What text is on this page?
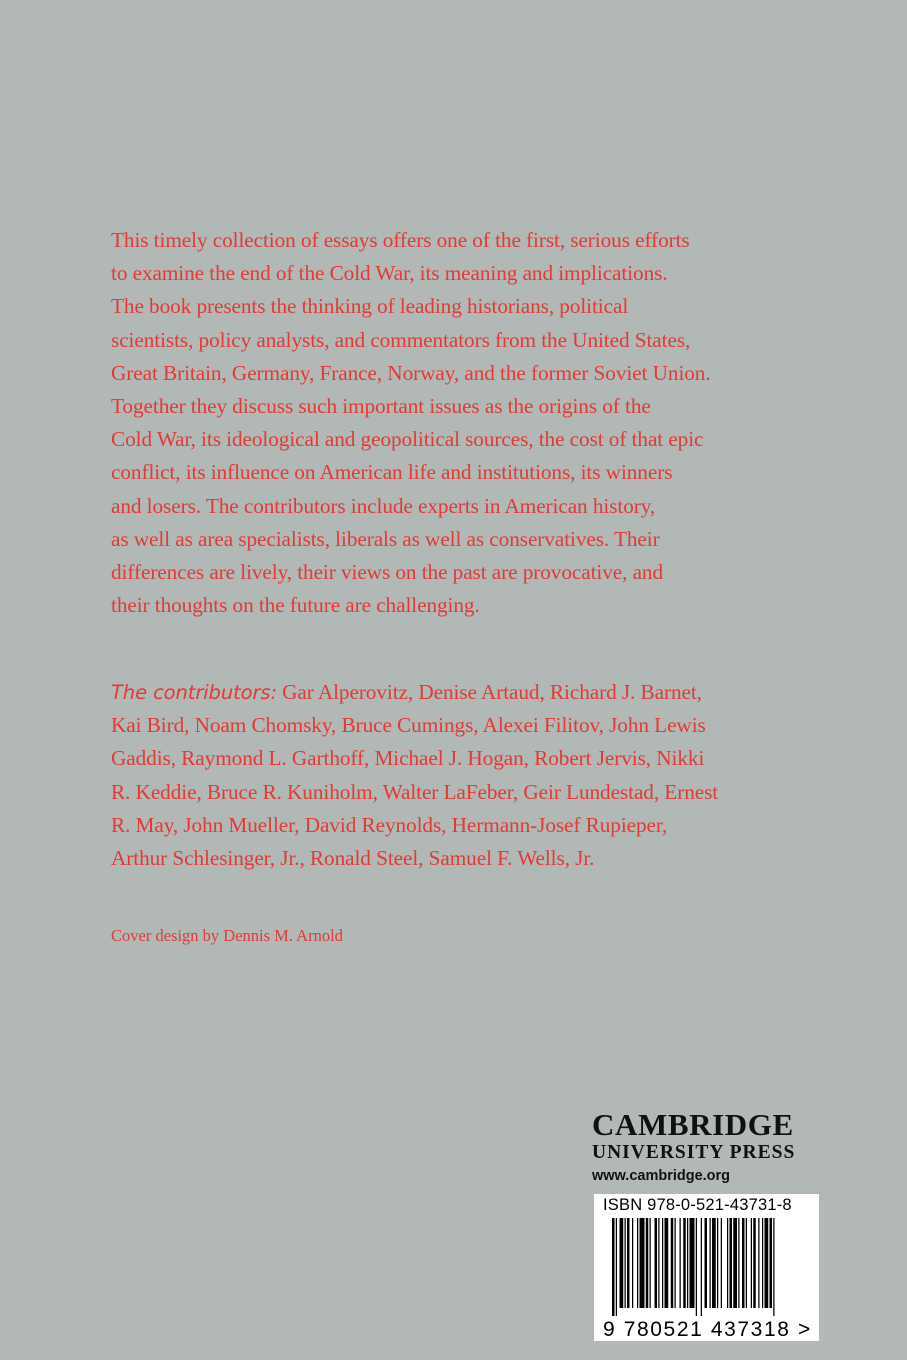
This timely collection of essays offers one of the first, serious efforts
to examine the end of the Cold War, its meaning and implications.
The book presents the thinking of leading historians, political
scientists, policy analysts, and commentators from the United States,
Great Britain, Germany, France, Norway, and the former Soviet Union.
Together they discuss such important issues as the origins of the
Cold War, its ideological and geopolitical sources, the cost of that epic
conflict, its influence on American life and institutions, its winners
and losers. The contributors include experts in American history,
as well as area specialists, liberals as well as conservatives. Their
differences are lively, their views on the past are provocative, and
their thoughts on the future are challenging.

The contributors: Gar Alperovitz, Denise Artaud, Richard J. Barnet,
Kai Bird, Noam Chomsky, Bruce Cumings, Alexei Filitov, John Lewis
Gaddis, Raymond L. Garthoff, Michael J. Hogan, Robert Jervis, Nikki
R. Keddie, Bruce R. Kuniholm, Walter LaFeber, Geir Lundestad, Ernest
R. May, John Mueller, David Reynolds, Hermann-Josef Rupieper,
Arthur Schlesinger, Jr., Ronald Steel, Samuel F. Wells, Jr.

Cover design by Dennis M. Arnold
CAMBRIDGE
UNIVERSITY PRESS
www.cambridge.org
ISBN 978-0-521-43731-8
9 780521 437318 >
